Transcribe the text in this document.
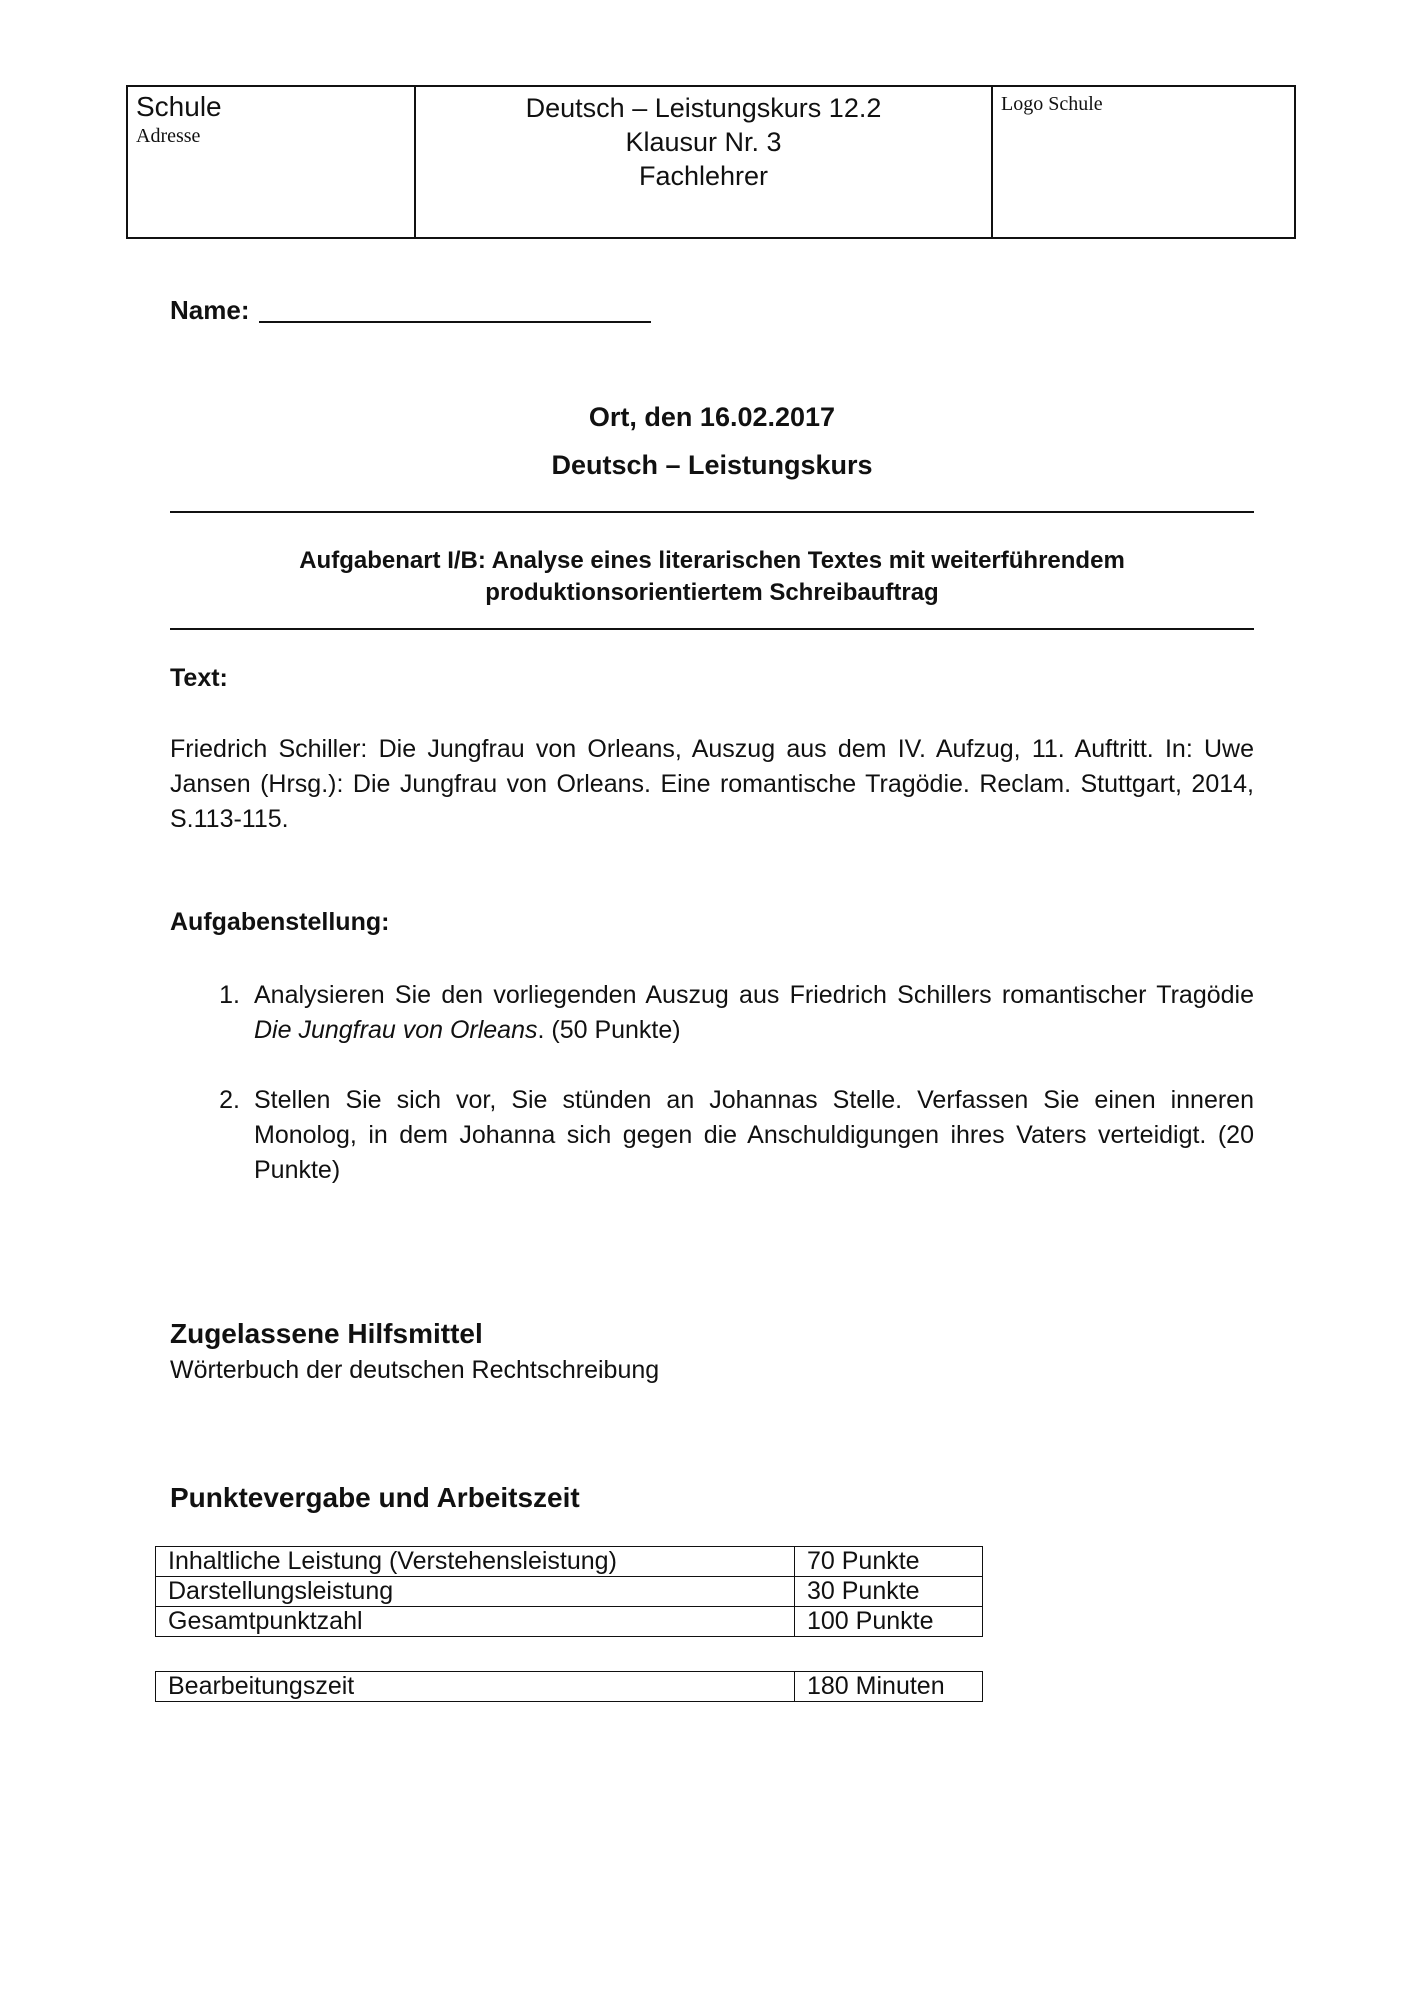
Schule
Adresse
Deutsch – Leistungskurs 12.2
Klausur Nr. 3
Fachlehrer
Logo Schule
Name:
Ort, den 16.02.2017
Deutsch – Leistungskurs
Aufgabenart I/B: Analyse eines literarischen Textes mit weiterführendem
produktionsorientiertem Schreibauftrag
Text:
Friedrich Schiller: Die Jungfrau von Orleans, Auszug aus dem IV. Aufzug, 11. Auftritt. In: Uwe Jansen (Hrsg.): Die Jungfrau von Orleans. Eine romantische Tragödie. Reclam. Stuttgart, 2014, S.113-115.
Aufgabenstellung:
1. Analysieren Sie den vorliegenden Auszug aus Friedrich Schillers romantischer Tragödie Die Jungfrau von Orleans. (50 Punkte)
2. Stellen Sie sich vor, Sie stünden an Johannas Stelle. Verfassen Sie einen inneren Monolog, in dem Johanna sich gegen die Anschuldigungen ihres Vaters verteidigt. (20 Punkte)
Zugelassene Hilfsmittel
Wörterbuch der deutschen Rechtschreibung
Punktevergabe und Arbeitszeit
Inhaltliche Leistung (Verstehensleistung)	70 Punkte
Darstellungsleistung	30 Punkte
Gesamtpunktzahl	100 Punkte
Bearbeitungszeit	180 Minuten
